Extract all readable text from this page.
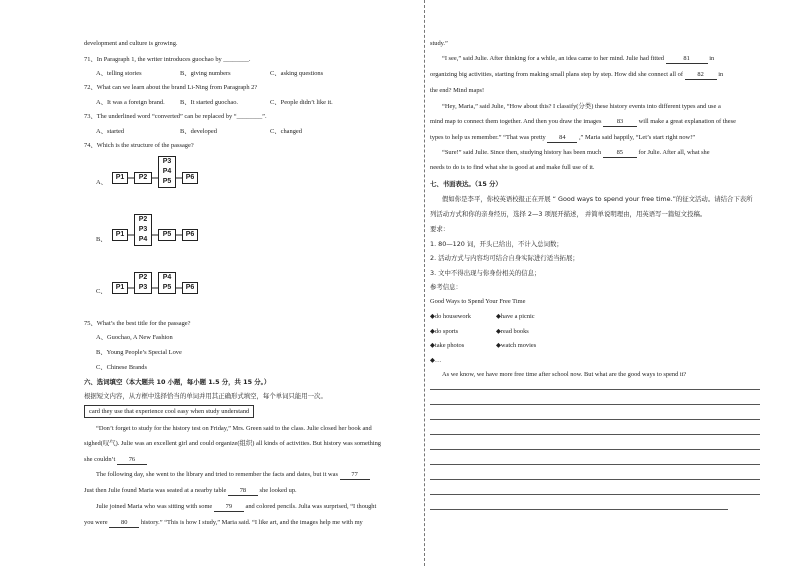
development and culture is growing.
71、In Paragraph 1, the writer introduces guochao by ________.
A、telling stories	B、giving numbers	C、asking questions
72、What can we learn about the brand Li-Ning from Paragraph 2?
A、It was a foreign brand. B、It started guochao.	C、People didn’t like it.
73、The underlined word “converted” can be replaced by “________”.
A、started	B、developed	C、changed
74、Which is the structure of the passage?
A、
P1	P2
P3
P4
P5
P6
B、
P1
P2
P3
P4
P5	P6
C、
P1
P2
P3
P4
P5	P6
75、What’s the best title for the passage?
A、Guochao, A New Fashion
B、Young People’s Special Love
C、Chinese Brands
六、选词填空（本大题共 10 小题，每小题 1.5 分，共 15 分。）
根据短文内容，从方框中选择恰当的单词并用其正确形式填空，每个单词只能用一次。
card they use that experience cool easy when study understand
“Don’t forget to study for the history test on Friday,” Mrs. Green said to the class. Julie closed her book and
sighed(叹气). Julie was an excellent girl and could organize(组织) all kinds of activities. But history was something
she couldn’t 76
The following day, she went to the library and tried to remember the facts and dates, but it was 77
Just then Julie found Maria was seated at a nearby table 78 she looked up.
Julie joined Maria who was sitting with some 79 and colored pencils. Julia was surprised, “I thought
you were 80 history.” “This is how I study,” Maria said. “I like art, and the images help me with my
study.”
“I see,” said Julie. After thinking for a while, an idea came to her mind. Julie had fitted	81	in
organizing big activities, starting from making small plans step by step. How did she connect all of 82 in
the end? Mind maps!
“Hey, Maria,” said Julie, “How about this? I classify(分类) these history events into different types and use a
mind map to connect them together. And then you draw the images 83 will make a great explanation of these
types to help us remember.” “That was pretty 84 ,” Maria said happily, “Let’s start right now!”
“Sure!” said Julie. Since then, studying history has been much 85 for Julie. After all, what she
needs to do is to find what she is good at and make full use of it.
七、书面表达。（15 分）
假如你是李平，你校英语校报正在开展 “ Good ways to spend your free time.”的征文活动。请结合下表所
列活动方式和你的亲身经历，选择 2—3 项展开描述， 并简单说明理由，用英语写一篇短文投稿。
要求：
1. 80—120 词，开头已给出，不计入总词数；
2. 活动方式与内容均可结合自身实际进行适当拓展；
3. 文中不得出现与你身份相关的信息；
参考信息：
Good Ways to Spend Your Free Time
◆do housework	◆have a picnic
◆do sports	◆read books
◆take photos	◆watch movies
◆…
As we know, we have more free time after school now. But what are the good ways to spend it?
